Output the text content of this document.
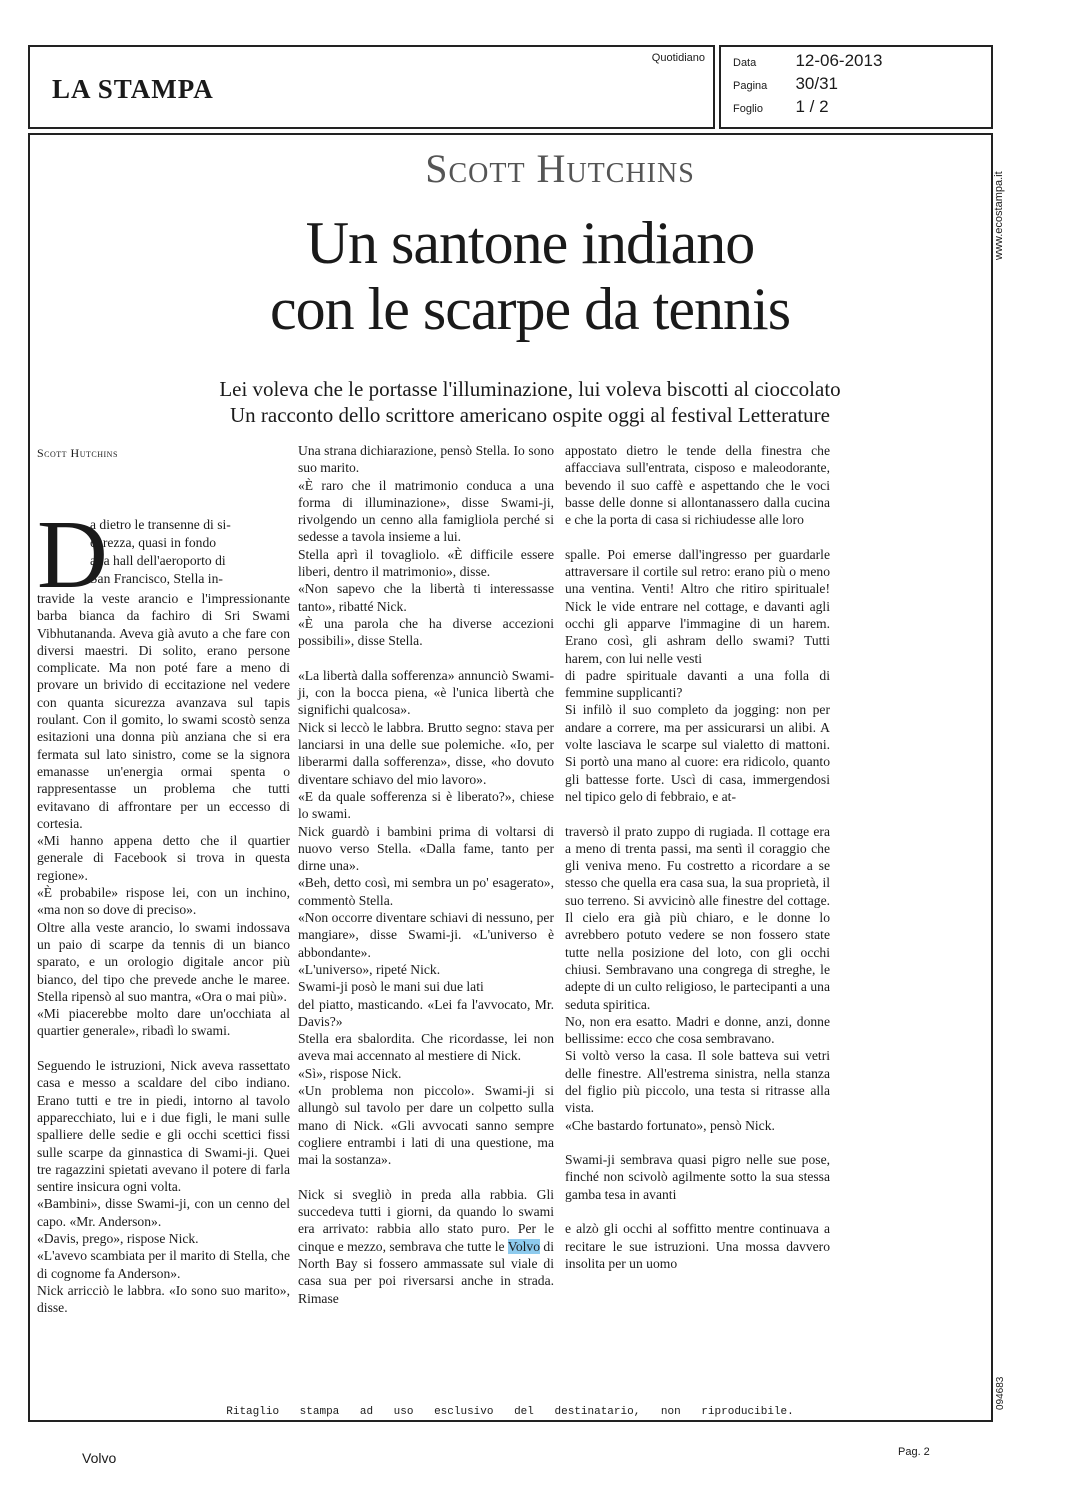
Quotidiano
LA STAMPA
Data 12-06-2013
Pagina 30/31
Foglio 1 / 2
www.ecostampa.it
094683
Scott Hutchins
Un santone indiano
con le scarpe da tennis
Lei voleva che le portasse l'illuminazione, lui voleva biscotti al cioccolato
Un racconto dello scrittore americano ospite oggi al festival Letterature
Scott Hutchins
D
a dietro le transenne di si-
curezza, quasi in fondo
alla hall dell'aeroporto di
San Francisco, Stella in-
travide la veste arancio e l'impressionante barba bianca da fachiro di Sri Swami Vibhutananda. Aveva già avuto a che fare con diversi maestri. Di solito, erano persone complicate. Ma non poté fare a meno di provare un brivido di eccitazione nel vedere con quanta sicurezza avanzava sul tapis roulant. Con il gomito, lo swami scostò senza esitazioni una donna più anziana che si era fermata sul lato sinistro, come se la signora emanasse un'energia ormai spenta o rappresentasse un problema che tutti evitavano di affrontare per un eccesso di cortesia.
«Mi hanno appena detto che il quartier generale di Facebook si trova in questa regione».
«È probabile» rispose lei, con un inchino, «ma non so dove di preciso».
Oltre alla veste arancio, lo swami indossava un paio di scarpe da tennis di un bianco sparato, e un orologio digitale ancor più bianco, del tipo che prevede anche le maree. Stella ripensò al suo mantra, «Ora o mai più».
«Mi piacerebbe molto dare un'occhiata al quartier generale», ribadì lo swami.

Seguendo le istruzioni, Nick aveva rassettato casa e messo a scaldare del cibo indiano. Erano tutti e tre in piedi, intorno al tavolo apparecchiato, lui e i due figli, le mani sulle spalliere delle sedie e gli occhi scettici fissi sulle scarpe da ginnastica di Swami-ji. Quei tre ragazzini spietati avevano il potere di farla sentire insicura ogni volta.
«Bambini», disse Swami-ji, con un cenno del capo. «Mr. Anderson».
«Davis, prego», rispose Nick.
«L'avevo scambiata per il marito di Stella, che di cognome fa Anderson».
Nick arricciò le labbra. «Io sono suo marito», disse.
Una strana dichiarazione, pensò Stella. Io sono suo marito.
«È raro che il matrimonio conduca a una forma di illuminazione», disse Swami-ji, rivolgendo un cenno alla famigliola perché si sedesse a tavola insieme a lui.
Stella aprì il tovagliolo. «È difficile essere liberi, dentro il matrimonio», disse.
«Non sapevo che la libertà ti interessasse tanto», ribatté Nick.
«È una parola che ha diverse accezioni possibili», disse Stella.

«La libertà dalla sofferenza» annunciò Swami-ji, con la bocca piena, «è l'unica libertà che significhi qualcosa».
Nick si leccò le labbra. Brutto segno: stava per lanciarsi in una delle sue polemiche. «Io, per liberarmi dalla sofferenza», disse, «ho dovuto diventare schiavo del mio lavoro».
«E da quale sofferenza si è liberato?», chiese lo swami.
Nick guardò i bambini prima di voltarsi di nuovo verso Stella. «Dalla fame, tanto per dirne una».
«Beh, detto così, mi sembra un po' esagerato», commentò Stella.
«Non occorre diventare schiavi di nessuno, per mangiare», disse Swami-ji. «L'universo è abbondante».
«L'universo», ripeté Nick.
Swami-ji posò le mani sui due lati
del piatto, masticando. «Lei fa l'avvocato, Mr. Davis?»
Stella era sbalordita. Che ricordasse, lei non aveva mai accennato al mestiere di Nick.
«Sì», rispose Nick.
«Un problema non piccolo». Swami-ji si allungò sul tavolo per dare un colpetto sulla mano di Nick. «Gli avvocati sanno sempre cogliere entrambi i lati di una questione, ma mai la sostanza».

Nick si svegliò in preda alla rabbia. Gli succedeva tutti i giorni, da quando lo swami era arrivato: rabbia allo stato puro. Per le cinque e mezzo, sembrava che tutte le Volvo di North Bay si fossero ammassate sul viale di casa sua per poi riversarsi anche in strada. Rimase
appostato dietro le tende della finestra che affacciava sull'entrata, cisposo e maleodorante, bevendo il suo caffè e aspettando che le voci basse delle donne si allontanassero dalla cucina e che la porta di casa si richiudesse alle loro

spalle. Poi emerse dall'ingresso per guardarle attraversare il cortile sul retro: erano più o meno una ventina. Venti! Altro che ritiro spirituale! Nick le vide entrare nel cottage, e davanti agli occhi gli apparve l'immagine di un harem. Erano così, gli ashram dello swami? Tutti harem, con lui nelle vesti
di padre spirituale davanti a una folla di femmine supplicanti?
Si infilò il suo completo da jogging: non per andare a correre, ma per assicurarsi un alibi. A volte lasciava le scarpe sul vialetto di mattoni. Si portò una mano al cuore: era ridicolo, quanto gli battesse forte. Uscì di casa, immergendosi nel tipico gelo di febbraio, e at-

traversò il prato zuppo di rugiada. Il cottage era a meno di trenta passi, ma sentì il coraggio che gli veniva meno. Fu costretto a ricordare a se stesso che quella era casa sua, la sua proprietà, il suo terreno. Si avvicinò alle finestre del cottage. Il cielo era già più chiaro, e le donne lo avrebbero potuto vedere se non fossero state tutte nella posizione del loto, con gli occhi chiusi. Sembravano una congrega di streghe, le adepte di un culto religioso, le partecipanti a una seduta spiritica.
No, non era esatto. Madri e donne, anzi, donne bellissime: ecco che cosa sembravano.
Si voltò verso la casa. Il sole batteva sui vetri delle finestre. All'estrema sinistra, nella stanza del figlio più piccolo, una testa si ritrasse alla vista.
«Che bastardo fortunato», pensò Nick.

Swami-ji sembrava quasi pigro nelle sue pose, finché non scivolò agilmente sotto la sua stessa gamba tesa in avanti

e alzò gli occhi al soffitto mentre continuava a recitare le sue istruzioni. Una mossa davvero insolita per un uomo
Ritaglio stampa ad uso esclusivo del destinatario, non riproducibile.
Volvo	Pag. 2
